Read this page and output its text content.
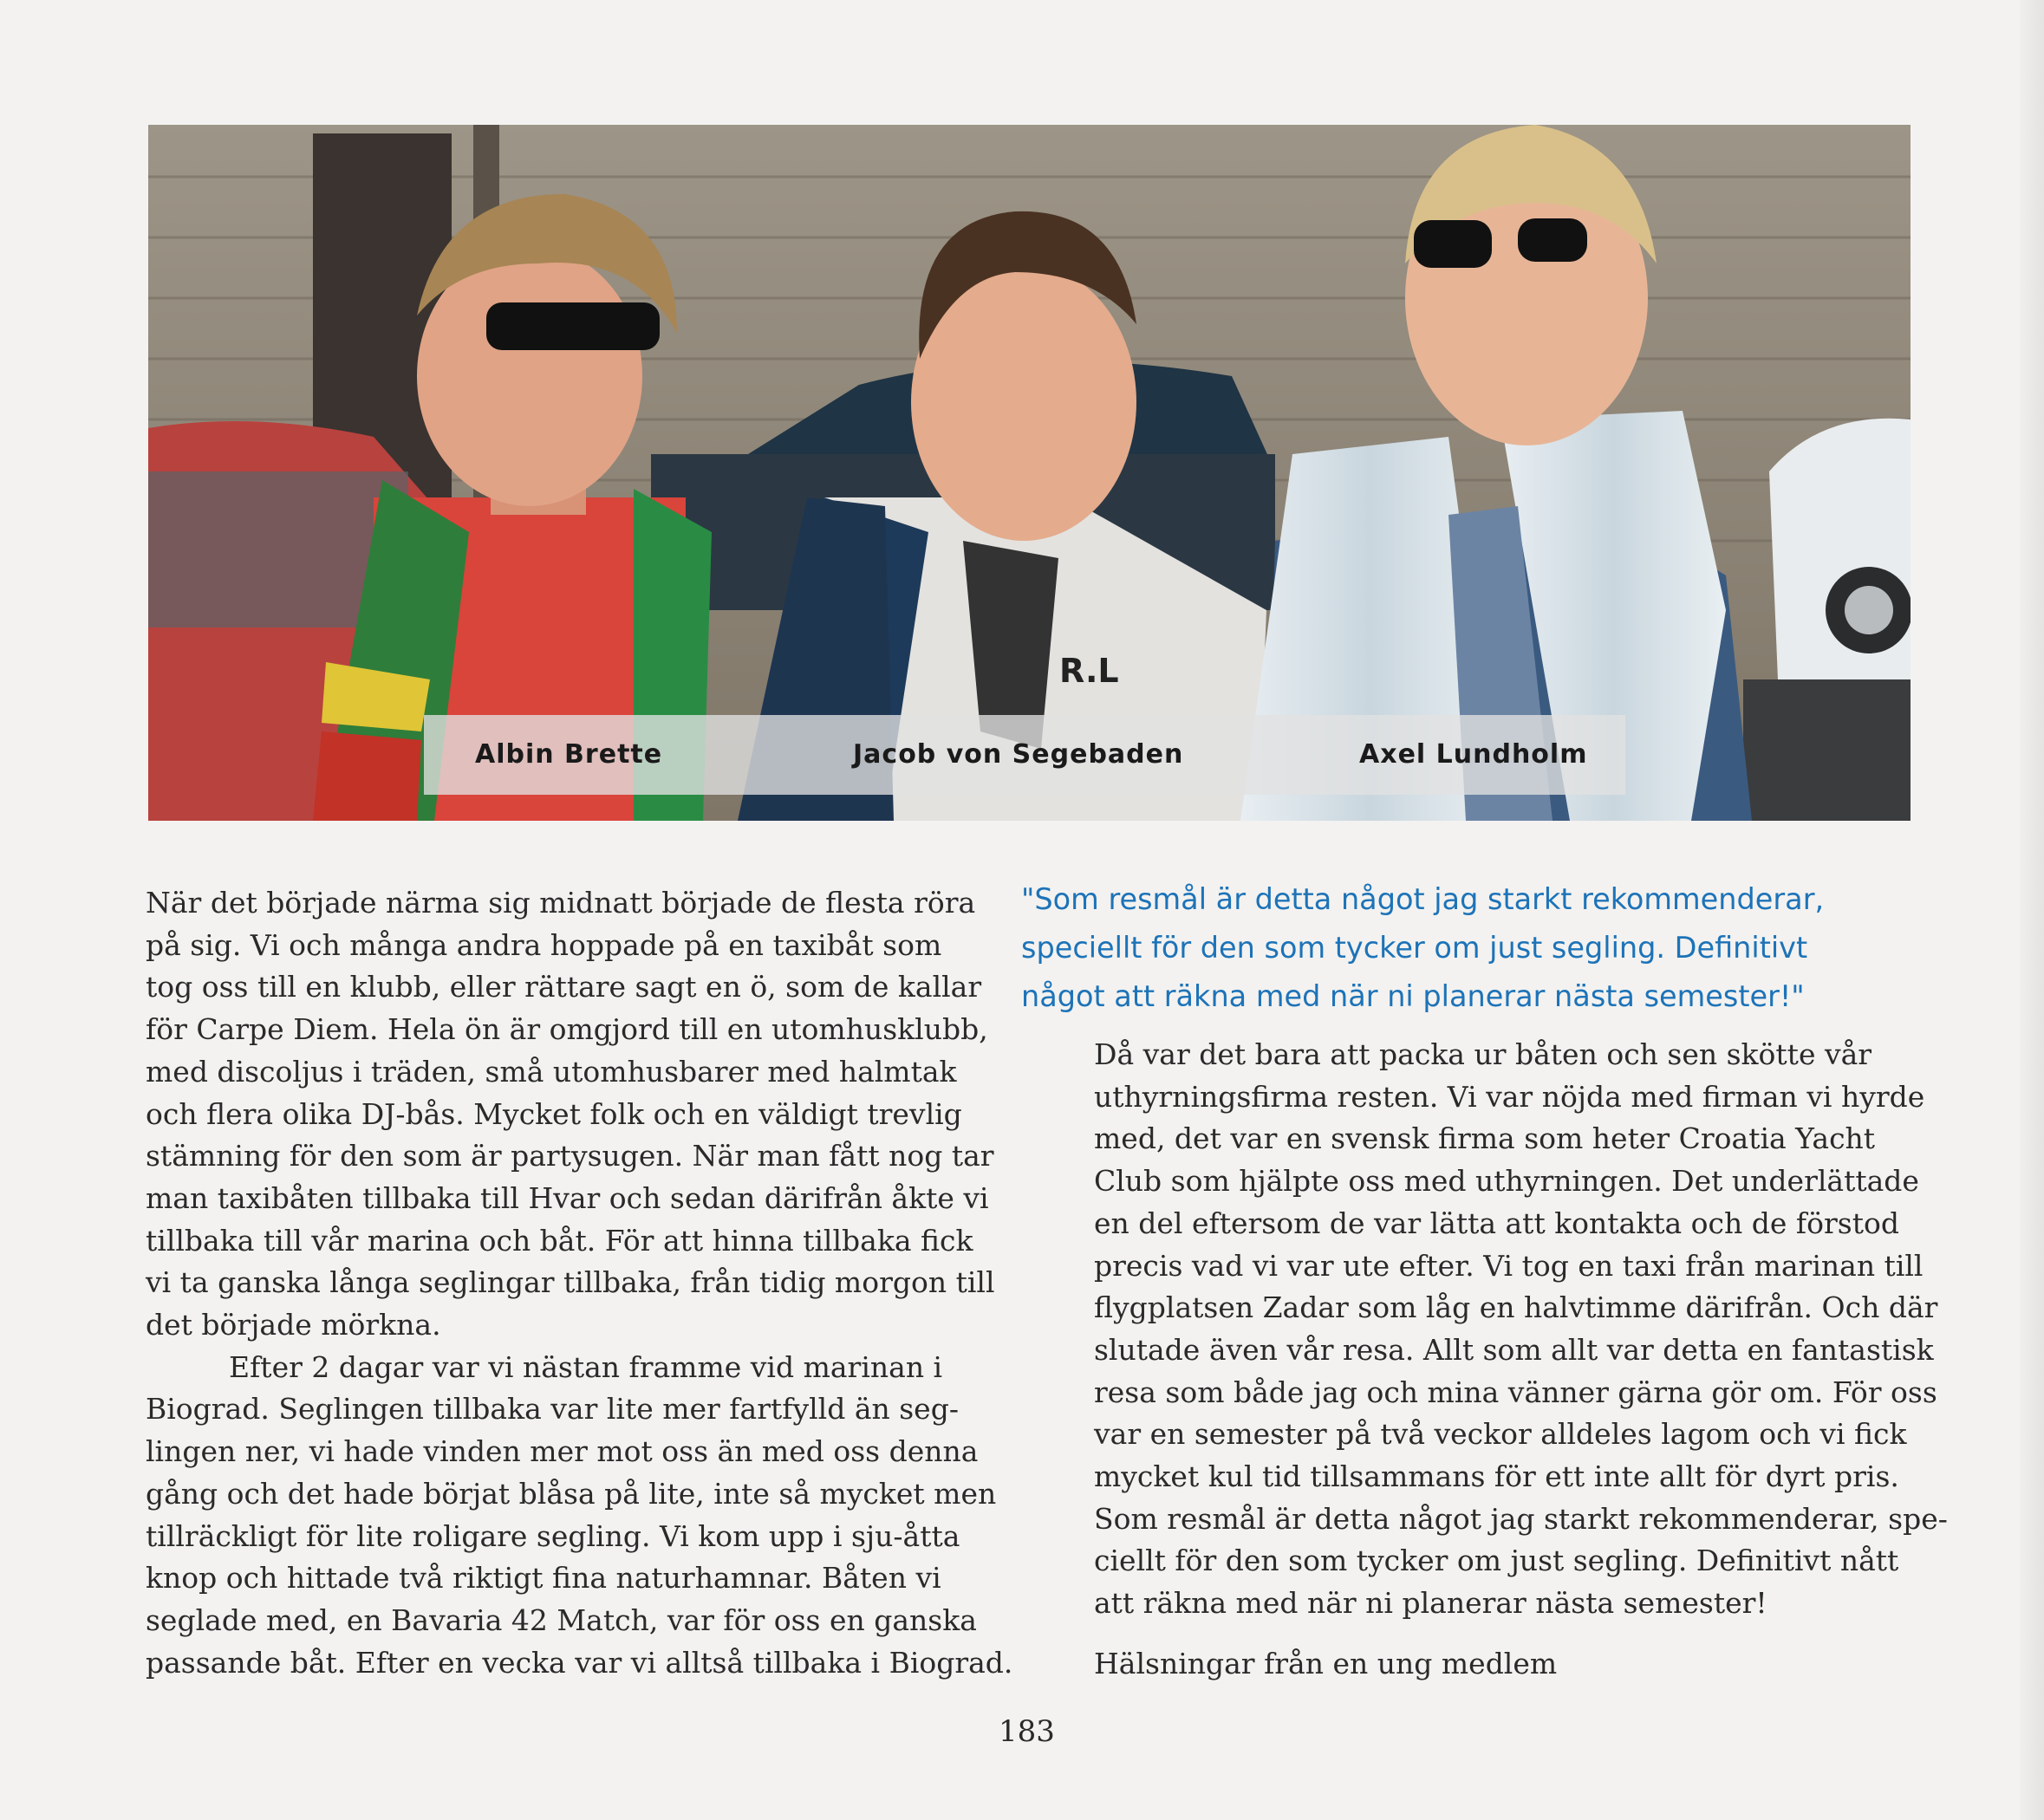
Albin Brette	Jacob von Segebaden	Axel Lundholm
R.L

När det började närma sig midnatt började de flesta röra
på sig. Vi och många andra hoppade på en taxibåt som
tog oss till en klubb, eller rättare sagt en ö, som de kallar
för Carpe Diem. Hela ön är omgjord till en utomhusklubb,
med discoljus i träden, små utomhusbarer med halmtak
och flera olika DJ-bås. Mycket folk och en väldigt trevlig
stämning för den som är partysugen. När man fått nog tar
man taxibåten tillbaka till Hvar och sedan därifrån åkte vi
tillbaka till vår marina och båt. För att hinna tillbaka fick
vi ta ganska långa seglingar tillbaka, från tidig morgon till
det började mörkna.

Efter 2 dagar var vi nästan framme vid marinan i
Biograd. Seglingen tillbaka var lite mer fartfylld än seg-
lingen ner, vi hade vinden mer mot oss än med oss denna
gång och det hade börjat blåsa på lite, inte så mycket men
tillräckligt för lite roligare segling. Vi kom upp i sju-åtta
knop och hittade två riktigt fina naturhamnar. Båten vi
seglade med, en Bavaria 42 Match, var för oss en ganska
passande båt. Efter en vecka var vi alltså tillbaka i Biograd.

"Som resmål är detta något jag starkt rekommenderar,
speciellt för den som tycker om just segling. Definitivt
något att räkna med när ni planerar nästa semester!"

Då var det bara att packa ur båten och sen skötte vår
uthyrningsfirma resten. Vi var nöjda med firman vi hyrde
med, det var en svensk firma som heter Croatia Yacht
Club som hjälpte oss med uthyrningen. Det underlättade
en del eftersom de var lätta att kontakta och de förstod
precis vad vi var ute efter. Vi tog en taxi från marinan till
flygplatsen Zadar som låg en halvtimme därifrån. Och där
slutade även vår resa. Allt som allt var detta en fantastisk
resa som både jag och mina vänner gärna gör om. För oss
var en semester på två veckor alldeles lagom och vi fick
mycket kul tid tillsammans för ett inte allt för dyrt pris.
Som resmål är detta något jag starkt rekommenderar, spe-
ciellt för den som tycker om just segling. Definitivt nått
att räkna med när ni planerar nästa semester!

Hälsningar från en ung medlem
183
